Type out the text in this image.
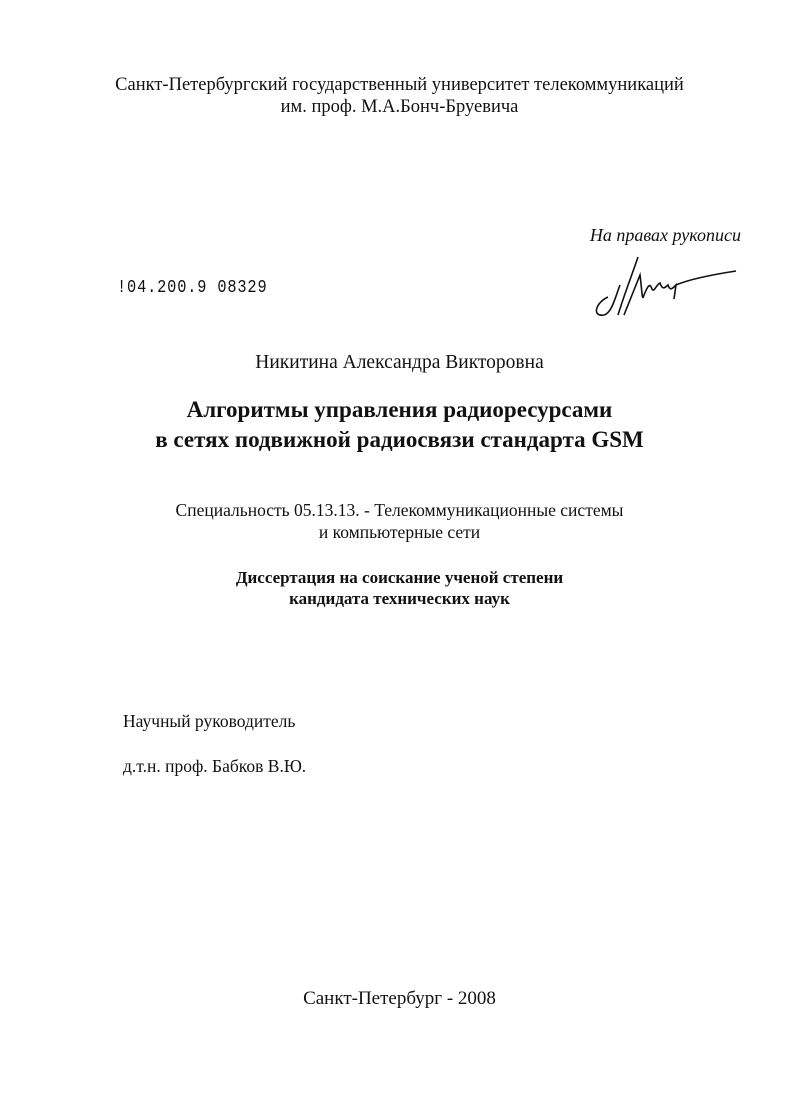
Санкт-Петербургский государственный университет телекоммуникаций
им. проф. М.А.Бонч-Бруевича
На правах рукописи
!04.200.9 08329
Никитина Александра Викторовна
Алгоритмы управления радиоресурсами
в сетях подвижной радиосвязи стандарта GSM
Специальность 05.13.13. - Телекоммуникационные системы
и компьютерные сети
Диссертация на соискание ученой степени
кандидата технических наук
Научный руководитель
д.т.н. проф. Бабков В.Ю.
Санкт-Петербург - 2008
